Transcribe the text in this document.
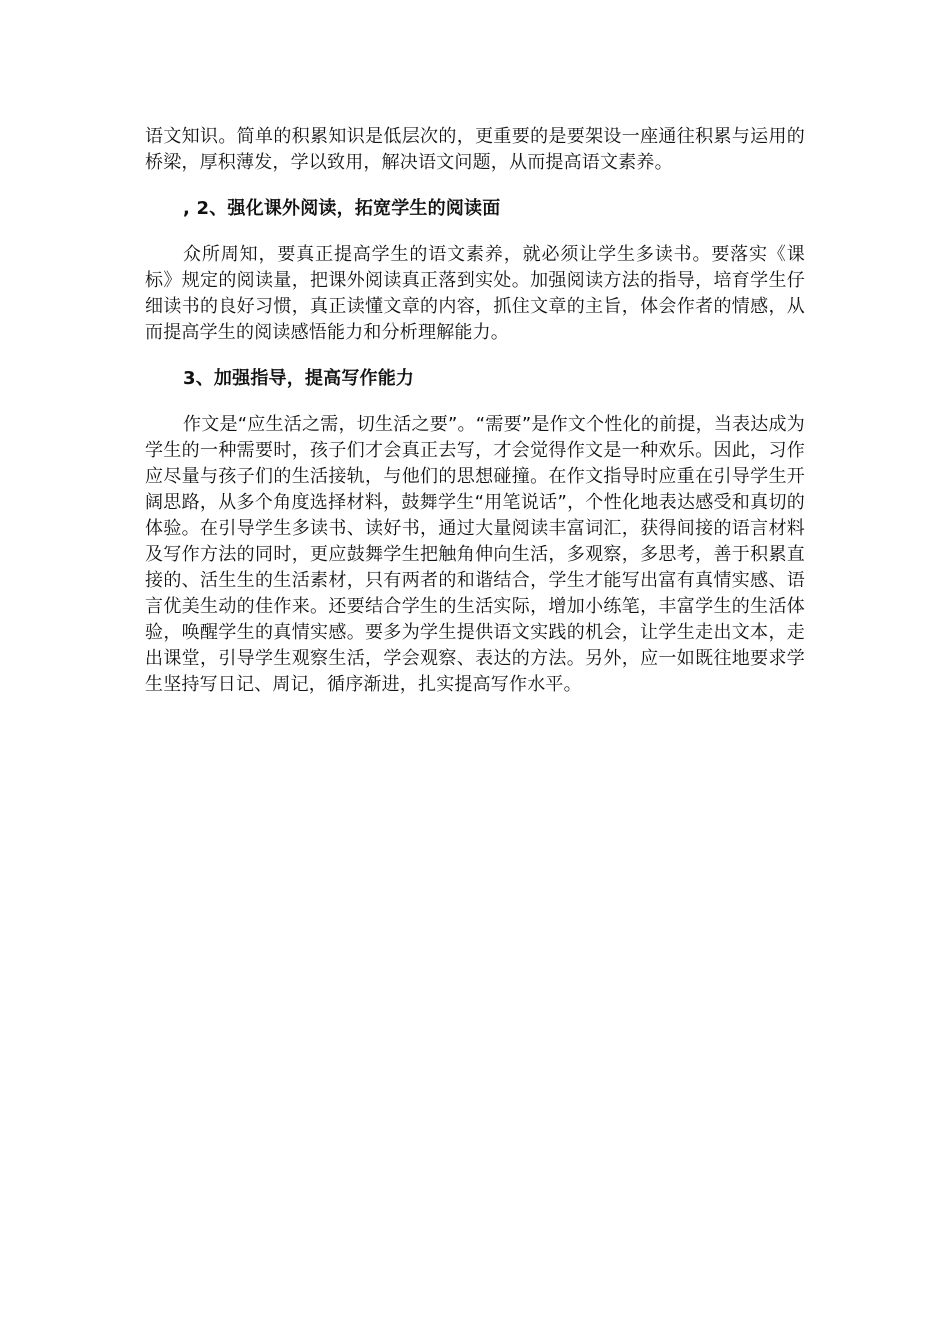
语文知识。简单的积累知识是低层次的，更重要的是要架设一座通往积累与运用的桥梁，厚积薄发，学以致用，解决语文问题，从而提高语文素养。

, 2、强化课外阅读，拓宽学生的阅读面

众所周知，要真正提高学生的语文素养，就必须让学生多读书。要落实《课标》规定的阅读量，把课外阅读真正落到实处。加强阅读方法的指导，培育学生仔细读书的良好习惯，真正读懂文章的内容，抓住文章的主旨，体会作者的情感，从而提高学生的阅读感悟能力和分析理解能力。

3、加强指导，提高写作能力

作文是“应生活之需，切生活之要”。“需要”是作文个性化的前提，当表达成为学生的一种需要时，孩子们才会真正去写，才会觉得作文是一种欢乐。因此，习作应尽量与孩子们的生活接轨，与他们的思想碰撞。在作文指导时应重在引导学生开阔思路，从多个角度选择材料，鼓舞学生“用笔说话”，个性化地表达感受和真切的体验。在引导学生多读书、读好书，通过大量阅读丰富词汇，获得间接的语言材料及写作方法的同时，更应鼓舞学生把触角伸向生活，多观察，多思考，善于积累直接的、活生生的生活素材，只有两者的和谐结合，学生才能写出富有真情实感、语言优美生动的佳作来。还要结合学生的生活实际，增加小练笔，丰富学生的生活体验，唤醒学生的真情实感。要多为学生提供语文实践的机会，让学生走出文本，走出课堂，引导学生观察生活，学会观察、表达的方法。另外，应一如既往地要求学生坚持写日记、周记，循序渐进，扎实提高写作水平。
